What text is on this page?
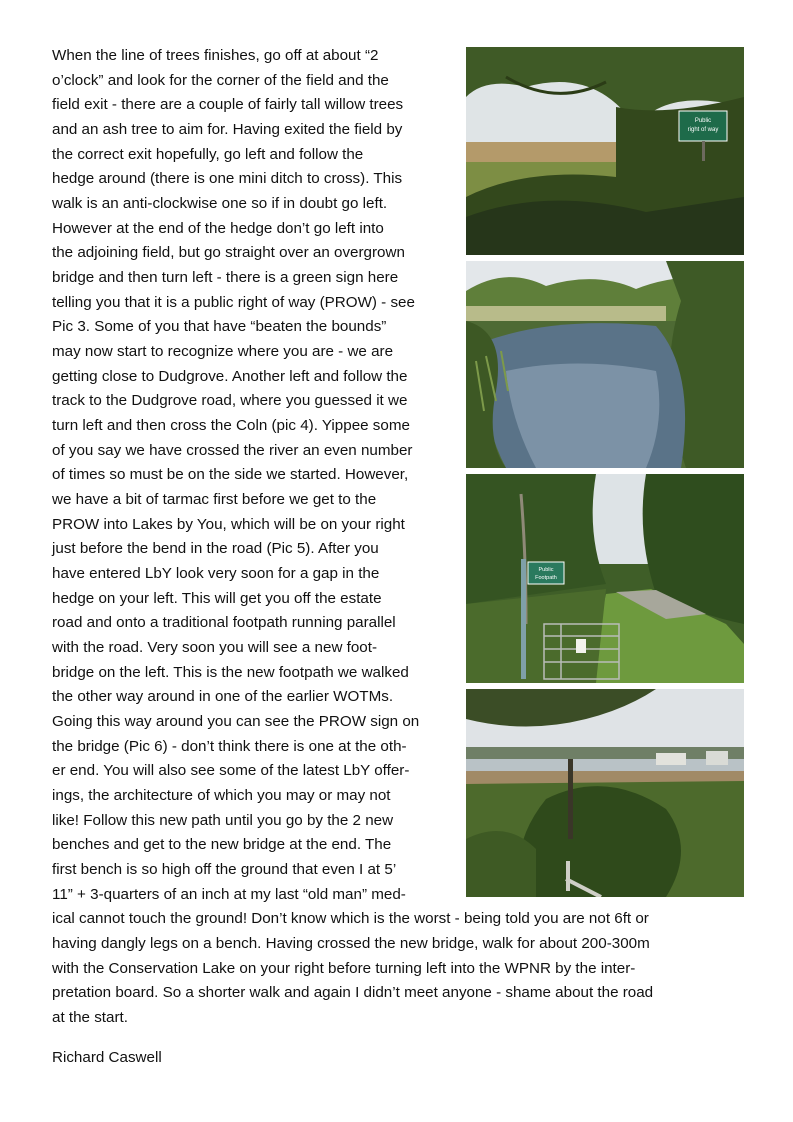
When the line of trees finishes, go off at about “2
o’clock” and look for the corner of the field and the
field exit - there are a couple of fairly tall willow trees
and an ash tree to aim for. Having exited the field by
the correct exit hopefully, go left and follow the
hedge around (there is one mini ditch to cross). This
walk is an anti-clockwise one so if in doubt go left.
However at the end of the hedge don’t go left into
the adjoining field, but go straight over an overgrown
bridge and then turn left - there is a green sign here
telling you that it is a public right of way (PROW) - see
Pic 3. Some of you that have “beaten the bounds”
may now start to recognize where you are - we are
getting close to Dudgrove. Another left and follow the
track to the Dudgrove road, where you guessed it we
turn left and then cross the Coln (pic 4). Yippee some
of you say we have crossed the river an even number
of times so must be on the side we started. However,
we have a bit of tarmac first before we get to the
PROW into Lakes by You, which will be on your right
just before the bend in the road (Pic 5). After you
have entered LbY look very soon for a gap in the
hedge on your left. This will get you off the estate
road and onto a traditional footpath running parallel
with the road. Very soon you will see a new foot-
bridge on the left. This is the new footpath we walked
the other way around in one of the earlier WOTMs.
Going this way around you can see the PROW sign on
the bridge (Pic 6) - don’t think there is one at the oth-
er end. You will also see some of the latest LbY offer-
ings, the architecture of which you may or may not
like! Follow this new path until you go by the 2 new
benches and get to the new bridge at the end. The
first bench is so high off the ground that even I at 5’
11” + 3-quarters of an inch at my last “old man” med-
ical cannot touch the ground! Don’t know which is the worst - being told you are not 6ft or
having dangly legs on a bench. Having crossed the new bridge, walk for about 200-300m
with the Conservation Lake on your right before turning left into the WPNR by the inter-
pretation board. So a shorter walk and again I didn’t meet anyone - shame about the road
at the start.
Richard Caswell
Public
right of way
Public
Footpath
